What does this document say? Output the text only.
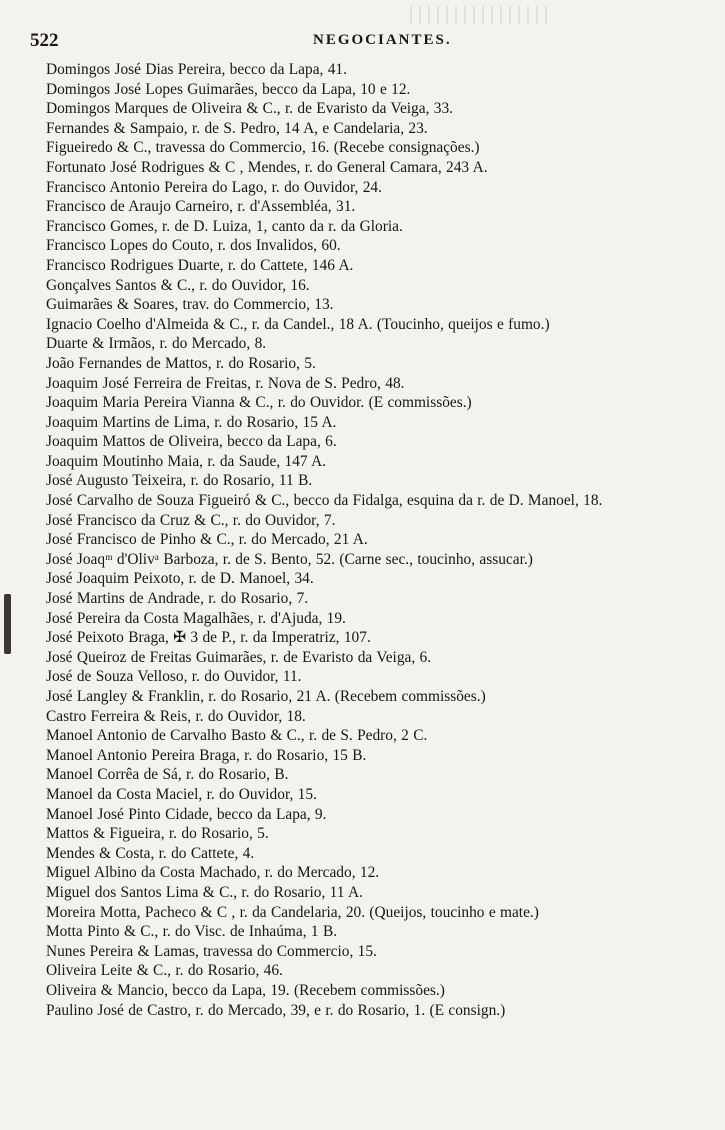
522	NEGOCIANTES.
Domingos José Dias Pereira, becco da Lapa, 41.
Domingos José Lopes Guimarães, becco da Lapa, 10 e 12.
Domingos Marques de Oliveira & C., r. de Evaristo da Veiga, 33.
Fernandes & Sampaio, r. de S. Pedro, 14 A, e Candelaria, 23.
Figueiredo & C., travessa do Commercio, 16. (Recebe consignações.)
Fortunato José Rodrigues & C , Mendes, r. do General Camara, 243 A.
Francisco Antonio Pereira do Lago, r. do Ouvidor, 24.
Francisco de Araujo Carneiro, r. d'Assembléa, 31.
Francisco Gomes, r. de D. Luiza, 1, canto da r. da Gloria.
Francisco Lopes do Couto, r. dos Invalidos, 60.
Francisco Rodrigues Duarte, r. do Cattete, 146 A.
Gonçalves Santos & C., r. do Ouvidor, 16.
Guimarães & Soares, trav. do Commercio, 13.
Ignacio Coelho d'Almeida & C., r. da Candel., 18 A. (Toucinho, queijos e fumo.)
Duarte & Irmãos, r. do Mercado, 8.
João Fernandes de Mattos, r. do Rosario, 5.
Joaquim José Ferreira de Freitas, r. Nova de S. Pedro, 48.
Joaquim Maria Pereira Vianna & C., r. do Ouvidor. (E commissões.)
Joaquim Martins de Lima, r. do Rosario, 15 A.
Joaquim Mattos de Oliveira, becco da Lapa, 6.
Joaquim Moutinho Maia, r. da Saude, 147 A.
José Augusto Teixeira, r. do Rosario, 11 B.
José Carvalho de Souza Figueiró & C., becco da Fidalga, esquina da r. de D. Manoel, 18.
José Francisco da Cruz & C., r. do Ouvidor, 7.
José Francisco de Pinho & C., r. do Mercado, 21 A.
José Joaqᵐ d'Olivᵃ Barboza, r. de S. Bento, 52. (Carne sec., toucinho, assucar.)
José Joaquim Peixoto, r. de D. Manoel, 34.
José Martins de Andrade, r. do Rosario, 7.
José Pereira da Costa Magalhães, r. d'Ajuda, 19.
José Peixoto Braga, ✠ 3 de P., r. da Imperatriz, 107.
José Queiroz de Freitas Guimarães, r. de Evaristo da Veiga, 6.
José de Souza Velloso, r. do Ouvidor, 11.
José Langley & Franklin, r. do Rosario, 21 A. (Recebem commissões.)
Castro Ferreira & Reis, r. do Ouvidor, 18.
Manoel Antonio de Carvalho Basto & C., r. de S. Pedro, 2 C.
Manoel Antonio Pereira Braga, r. do Rosario, 15 B.
Manoel Corrêa de Sá, r. do Rosario, B.
Manoel da Costa Maciel, r. do Ouvidor, 15.
Manoel José Pinto Cidade, becco da Lapa, 9.
Mattos & Figueira, r. do Rosario, 5.
Mendes & Costa, r. do Cattete, 4.
Miguel Albino da Costa Machado, r. do Mercado, 12.
Miguel dos Santos Lima & C., r. do Rosario, 11 A.
Moreira Motta, Pacheco & C , r. da Candelaria, 20. (Queijos, toucinho e mate.)
Motta Pinto & C., r. do Visc. de Inhaúma, 1 B.
Nunes Pereira & Lamas, travessa do Commercio, 15.
Oliveira Leite & C., r. do Rosario, 46.
Oliveira & Mancio, becco da Lapa, 19. (Recebem commissões.)
Paulino José de Castro, r. do Mercado, 39, e r. do Rosario, 1. (E consign.)
